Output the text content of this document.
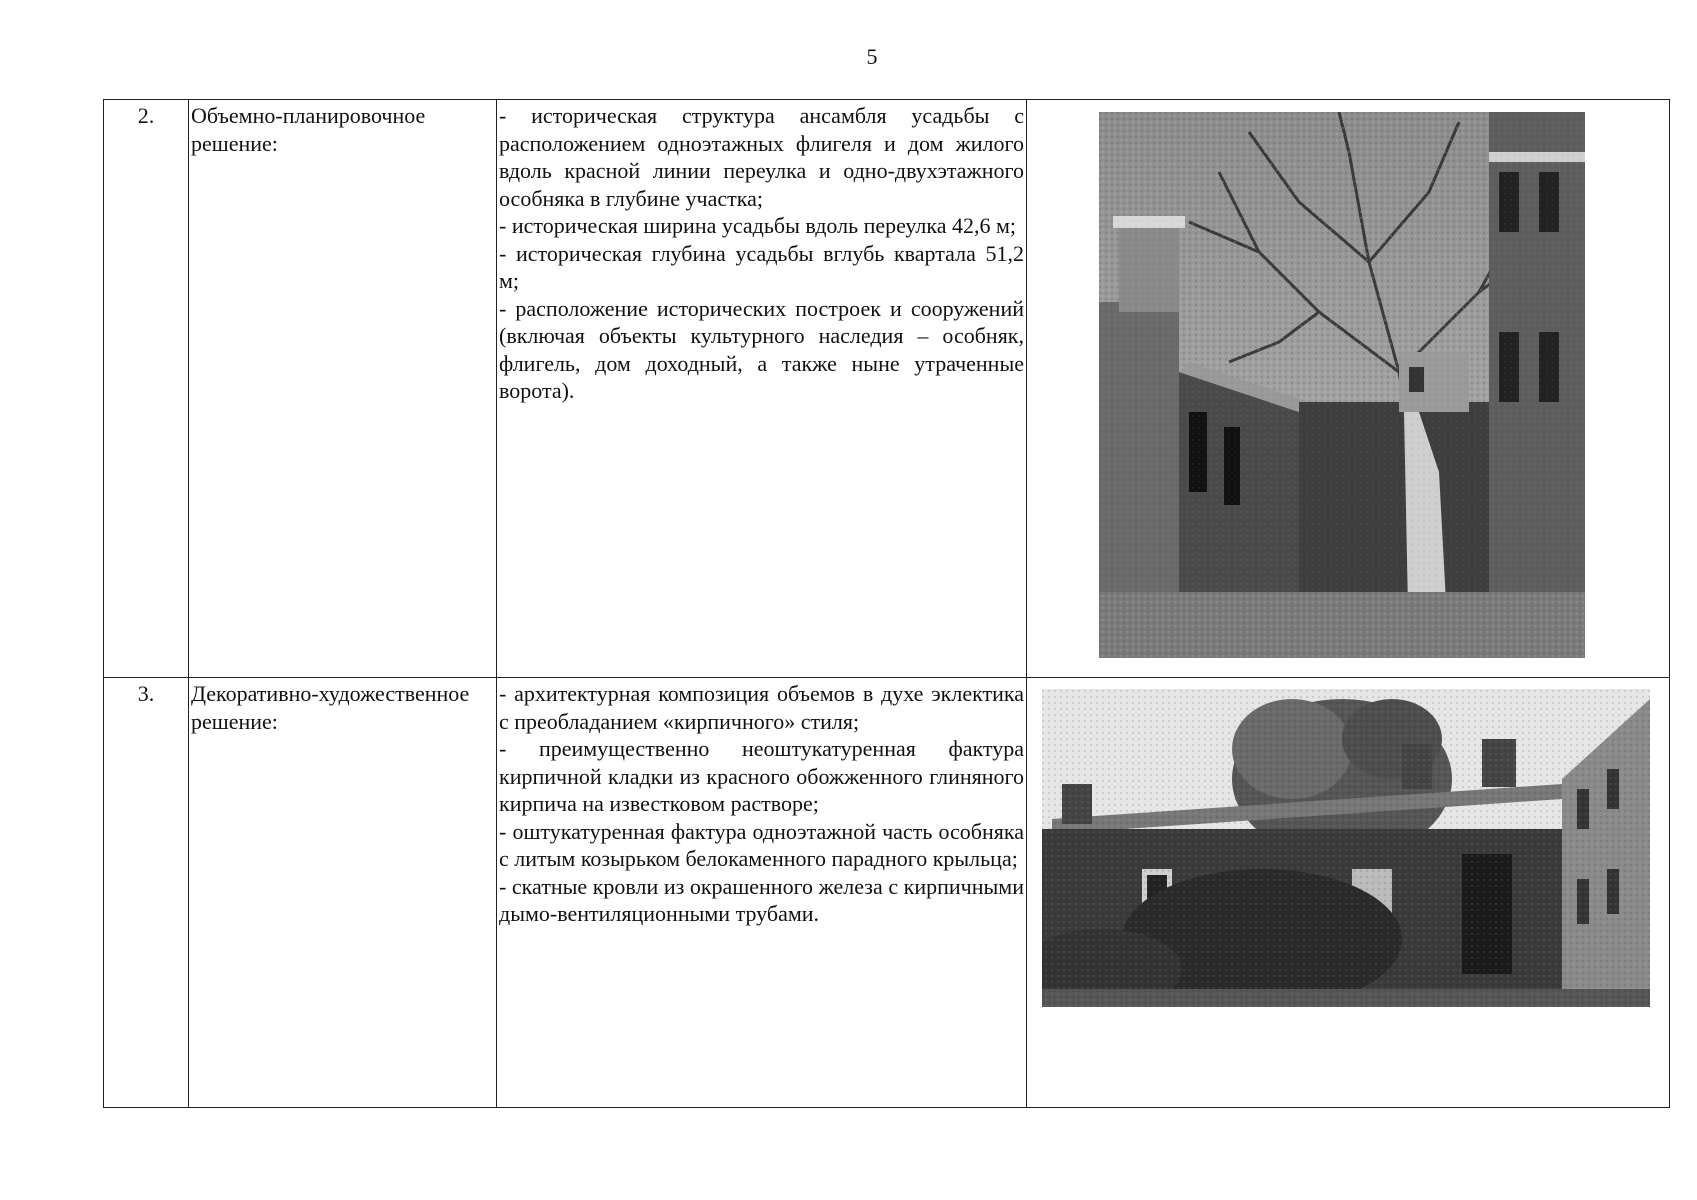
5
2.	Объемно-планировочное решение:	- историческая структура ансамбля усадьбы с расположением одноэтажных флигеля и дом жилого вдоль красной линии переулка и одно-двухэтажного особняка в глубине участка;

- историческая ширина усадьбы вдоль переулка 42,6 м;

- историческая глубина усадьбы вглубь квартала 51,2 м;

- расположение исторических построек и сооружений (включая объекты культурного наследия – особняк, флигель, дом доходный, а также ныне утраченные ворота).

3.	Декоративно-художественное решение:	- архитектурная композиция объемов в духе эклектика с преобладанием «кирпичного» стиля;

- преимущественно неоштукатуренная фактура кирпичной кладки из красного обожженного глиняного кирпича на известковом растворе;

- оштукатуренная фактура одноэтажной часть особняка с литым козырьком белокаменного парадного крыльца;

- скатные кровли из окрашенного железа с кирпичными дымо-вентиляционными трубами.
